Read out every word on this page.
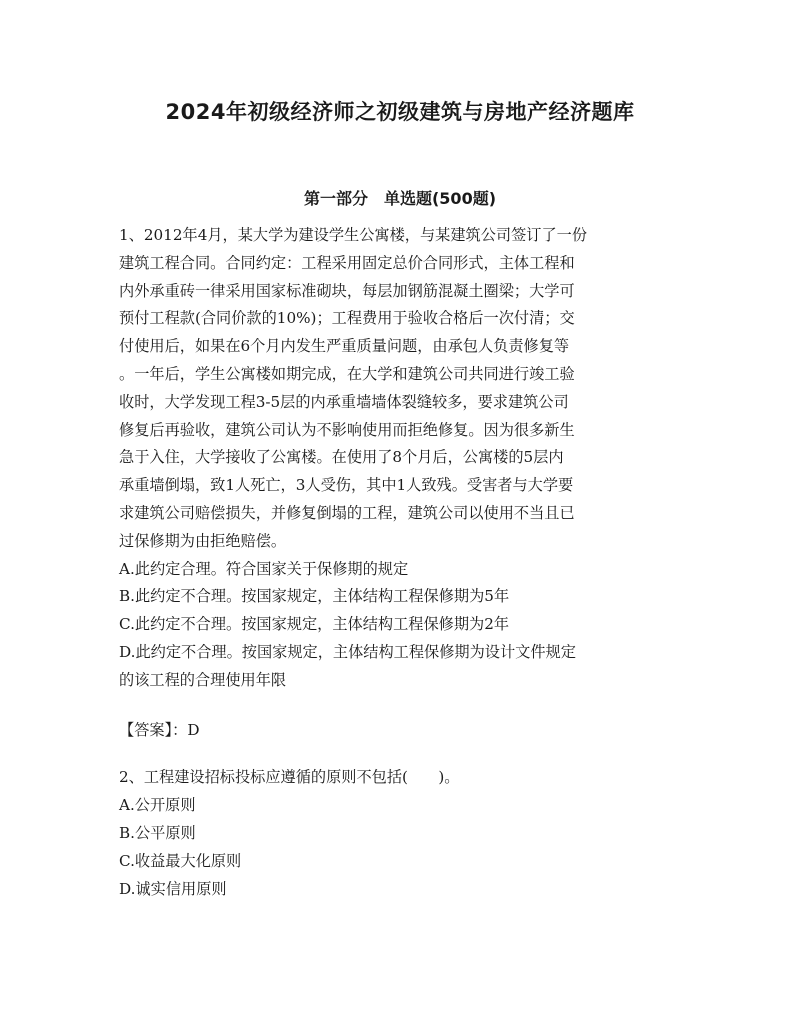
2024年初级经济师之初级建筑与房地产经济题库
第一部分　单选题(500题)
1、2012年4月，某大学为建设学生公寓楼，与某建筑公司签订了一份
建筑工程合同。合同约定：工程采用固定总价合同形式，主体工程和
内外承重砖一律采用国家标准砌块，每层加钢筋混凝土圈梁；大学可
预付工程款(合同价款的10%)；工程费用于验收合格后一次付清；交
付使用后，如果在6个月内发生严重质量问题，由承包人负责修复等
。一年后，学生公寓楼如期完成，在大学和建筑公司共同进行竣工验
收时，大学发现工程3-5层的内承重墙墙体裂缝较多，要求建筑公司
修复后再验收，建筑公司认为不影响使用而拒绝修复。因为很多新生
急于入住，大学接收了公寓楼。在使用了8个月后，公寓楼的5层内
承重墙倒塌，致1人死亡，3人受伤，其中1人致残。受害者与大学要
求建筑公司赔偿损失，并修复倒塌的工程，建筑公司以使用不当且已
过保修期为由拒绝赔偿。
A.此约定合理。符合国家关于保修期的规定
B.此约定不合理。按国家规定，主体结构工程保修期为5年
C.此约定不合理。按国家规定，主体结构工程保修期为2年
D.此约定不合理。按国家规定，主体结构工程保修期为设计文件规定
的该工程的合理使用年限
【答案】：D
2、工程建设招标投标应遵循的原则不包括(　　)。
A.公开原则
B.公平原则
C.收益最大化原则
D.诚实信用原则
